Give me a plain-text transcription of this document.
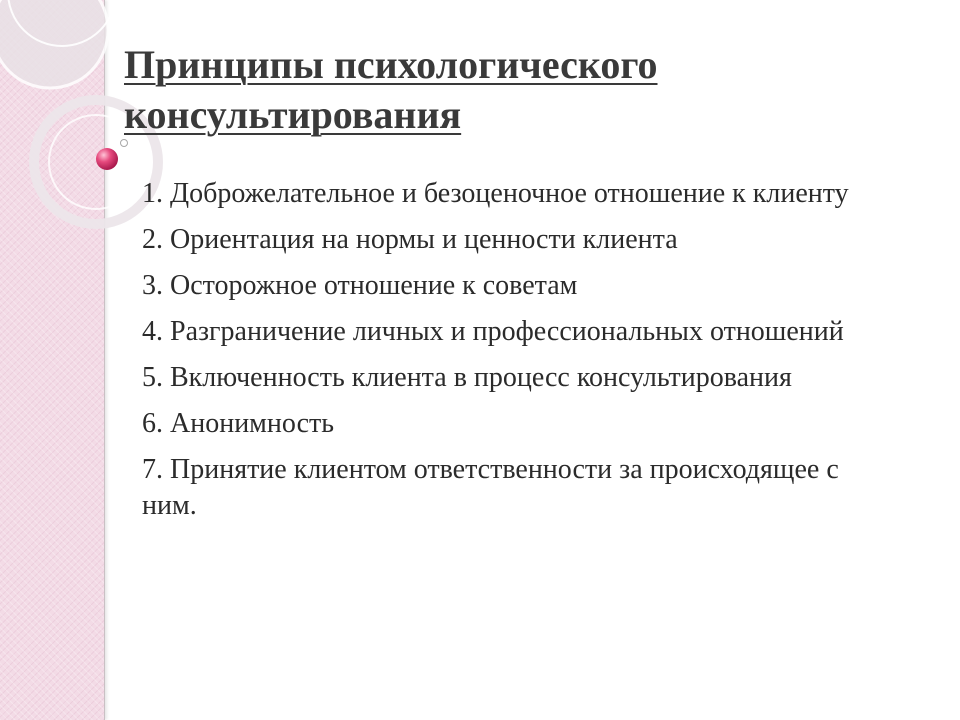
Принципы психологического
консультирования
1. Доброжелательное и безоценочное отношение к клиенту
2. Ориентация на нормы и ценности клиента
3. Осторожное отношение к советам
4. Разграничение личных и профессиональных отношений
5. Включенность клиента в процесс консультирования
6. Анонимность
7. Принятие клиентом ответственности за происходящее с ним.
